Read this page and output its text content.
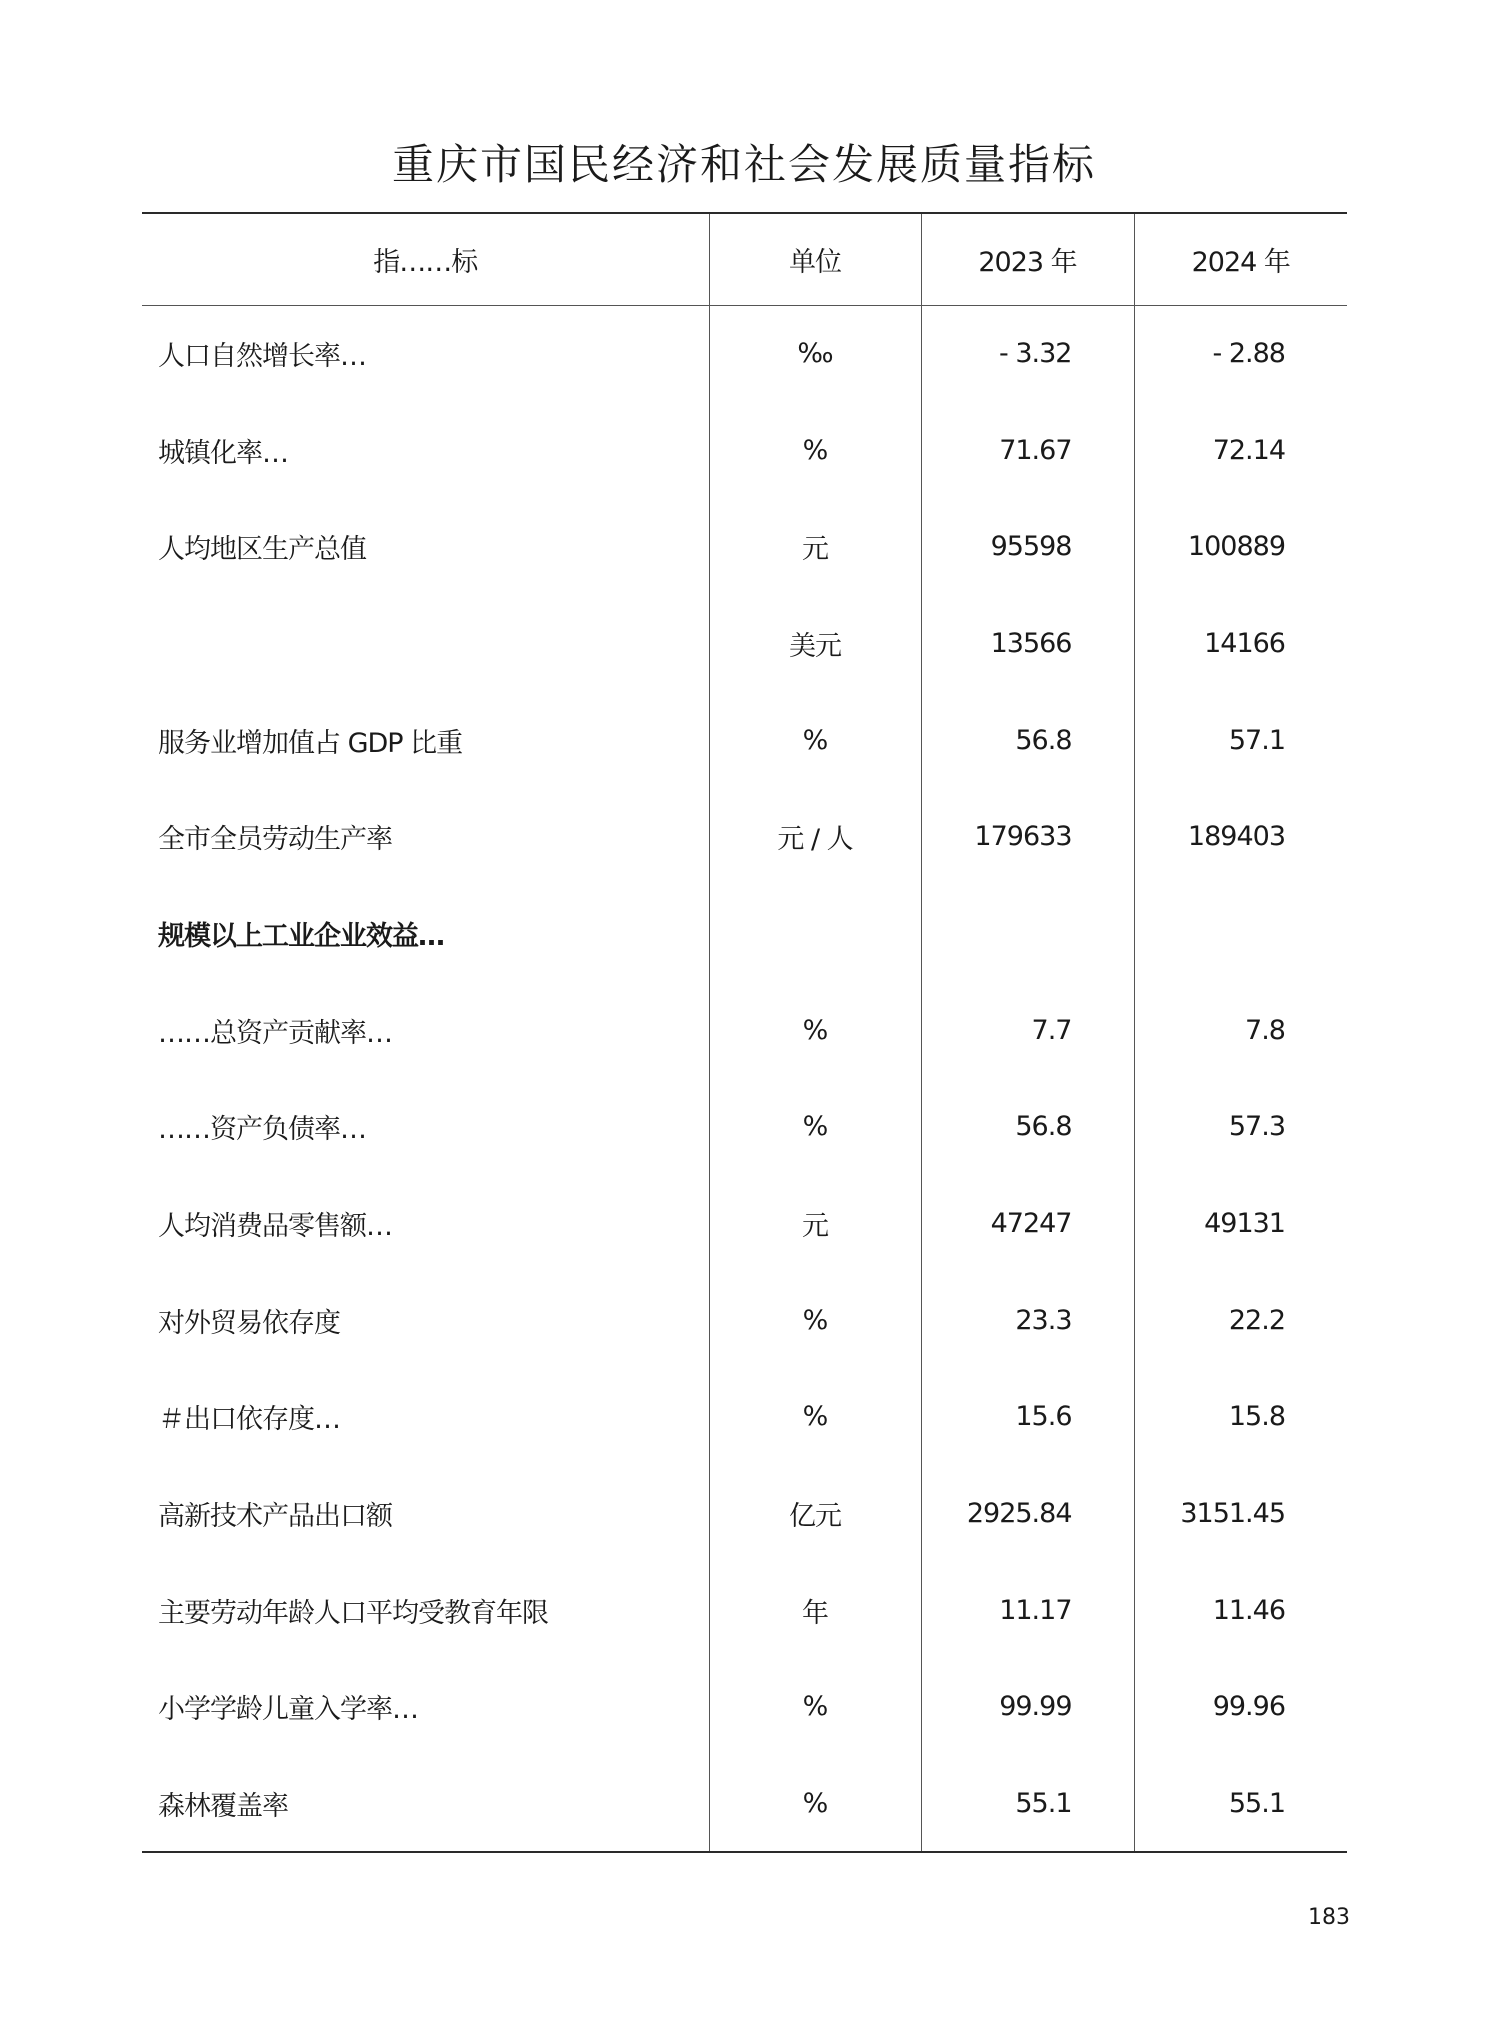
重庆市国民经济和社会发展质量指标
指……标	单位	2023 年	2024 年
人口自然增长率…	‰	- 3.32	- 2.88
城镇化率…	%	71.67	72.14
人均地区生产总值	元	95598	100889
	美元	13566	14166
服务业增加值占 GDP 比重	%	56.8	57.1
全市全员劳动生产率	元 / 人	179633	189403
规模以上工业企业效益…			
……总资产贡献率…	%	7.7	7.8
……资产负债率…	%	56.8	57.3
人均消费品零售额…	元	47247	49131
对外贸易依存度	%	23.3	22.2
＃出口依存度…	%	15.6	15.8
高新技术产品出口额	亿元	2925.84	3151.45
主要劳动年龄人口平均受教育年限	年	11.17	11.46
小学学龄儿童入学率…	%	99.99	99.96
森林覆盖率	%	55.1	55.1
183
